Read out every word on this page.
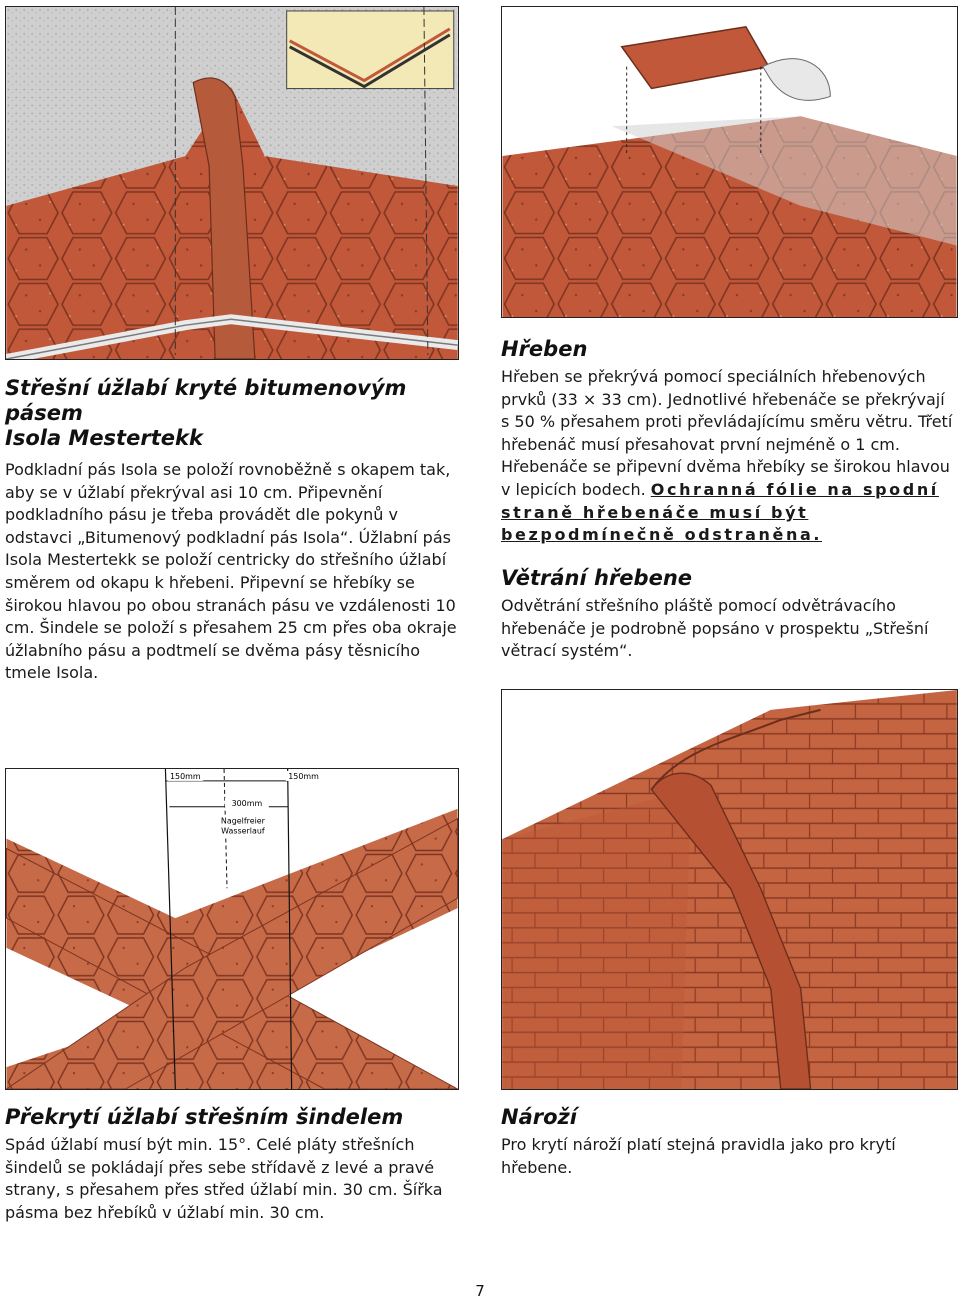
Střešní úžlabí kryté bitumenovým pásem
Isola Mestertekk

Podkladní pás Isola se položí rovnoběžně s okapem tak, aby se v úžlabí překrýval asi 10 cm. Připevnění podkladního pásu je třeba provádět dle pokynů v odstavci „Bitumenový podkladní pás Isola“. Úžlabní pás Isola Mestertekk se položí centricky do střešního úžlabí směrem od okapu k hřebeni. Připevní se hřebíky se širokou hlavou po obou stranách pásu ve vzdálenosti 10 cm. Šindele se položí s přesahem 25 cm přes oba okraje úžlabního pásu a podtmelí se dvěma pásy těsnicího tmele Isola.

Hřeben

Hřeben se překrývá pomocí speciálních hřebenových prvků (33 × 33 cm). Jednotlivé hřebenáče se překrývají s 50 % přesahem proti převládajícímu směru větru. Třetí hřebenáč musí přesahovat první nejméně o 1 cm. Hřebenáče se připevní dvěma hřebíky se širokou hlavou v lepicích bodech. Ochranná fólie na spodní straně hřebenáče musí být bezpodmínečně odstraněna.

Větrání hřebene

Odvětrání střešního pláště pomocí odvětrávacího hřebenáče je podrobně popsáno v prospektu „Střešní větrací systém“.

150mm	150mm
300mm
Nagelfreier
Wasserlauf
Překrytí úžlabí střešním šindelem

Spád úžlabí musí být min. 15°. Celé pláty střešních šindelů se pokládají přes sebe střídavě z levé a pravé strany, s přesahem přes střed úžlabí min. 30 cm. Šířka pásma bez hřebíků v úžlabí min. 30 cm.

Nároží

Pro krytí nároží platí stejná pravidla jako pro krytí hřebene.

7
